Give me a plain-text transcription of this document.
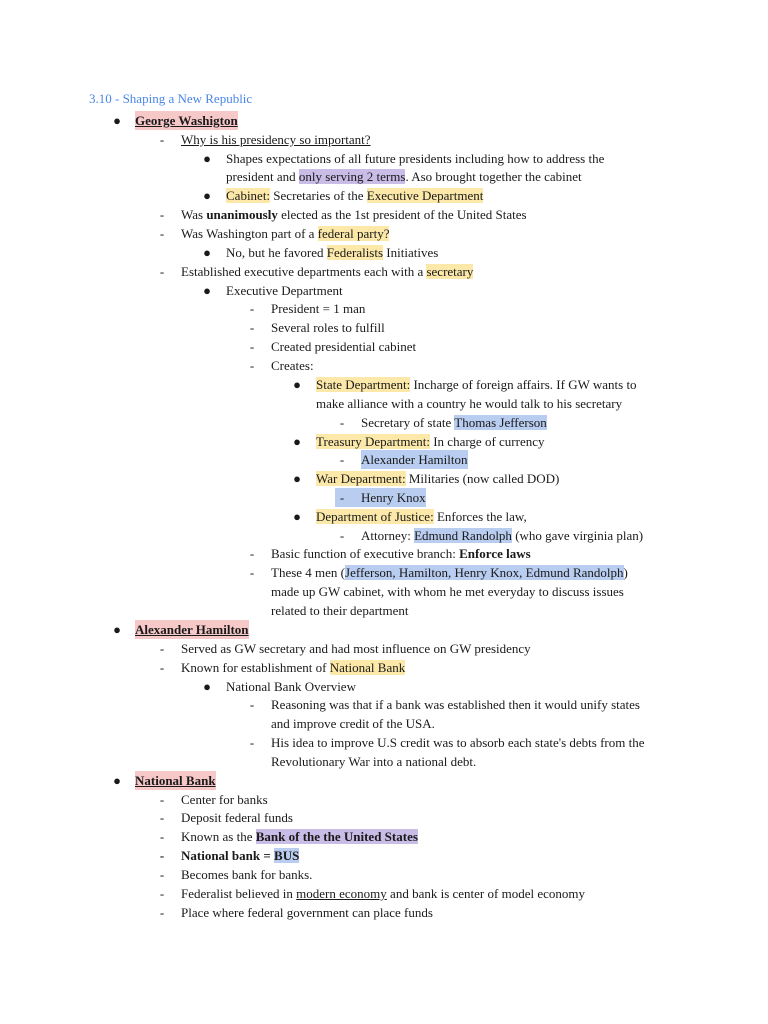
3.10 - Shaping a New Republic
● George Washigton
-	Why is his presidency so important?
● Shapes expectations of all future presidents including how to address the
president and only serving 2 terms. Aso brought together the cabinet
● Cabinet: Secretaries of the Executive Department
-	Was unanimously elected as the 1st president of the United States
-	Was Washington part of a federal party?
● No, but he favored Federalists Initiatives
-	Established executive departments each with a secretary
● Executive Department
-	President = 1 man
-	Several roles to fulfill
-	Created presidential cabinet
-	Creates:
● State Department: Incharge of foreign affairs. If GW wants to
make alliance with a country he would talk to his secretary
-	Secretary of state Thomas Jefferson
● Treasury Department: In charge of currency
-	Alexander Hamilton
● War Department: Militaries (now called DOD)
-	Henry Knox
● Department of Justice: Enforces the law,
-	Attorney: Edmund Randolph (who gave virginia plan)
-	Basic function of executive branch: Enforce laws
-	These 4 men (Jefferson, Hamilton, Henry Knox, Edmund Randolph)
made up GW cabinet, with whom he met everyday to discuss issues
related to their department
● Alexander Hamilton
-	Served as GW secretary and had most influence on GW presidency
-	Known for establishment of National Bank
● National Bank Overview
-	Reasoning was that if a bank was established then it would unify states
and improve credit of the USA.
-	His idea to improve U.S credit was to absorb each state's debts from the
Revolutionary War into a national debt.
● National Bank
-	Center for banks
-	Deposit federal funds
-	Known as the Bank of the the United States
-	National bank = BUS
-	Becomes bank for banks.
-	Federalist believed in modern economy and bank is center of model economy
-	Place where federal government can place funds
